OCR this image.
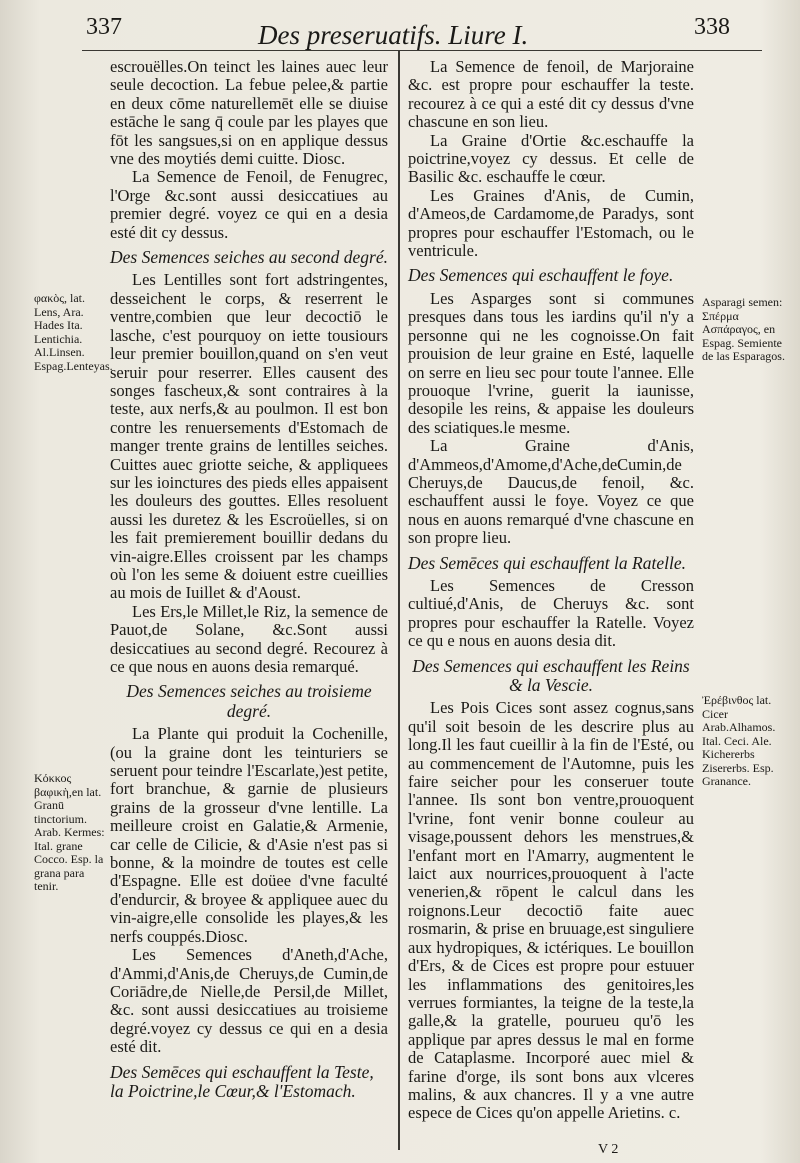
337	Des preseruatifs. Liure I.	338

escrouëlles.On teinct les laines auec leur seule decoction. La febue pelee,& partie en deux cōme naturellemēt elle se diuise estāche le sang q̄ coule par les playes que fōt les sangsues,si on en applique dessus vne des moytiés demi cuitte. Diosc.

La Semence de Fenoil, de Fenugrec, l'Orge &c.sont aussi desiccatiues au premier degré. voyez ce qui en a desia esté dit cy dessus.

Des Semences seiches au second degré.

Les Lentilles sont fort adstringentes, desseichent le corps, & reserrent le ventre,combien que leur decoctiō le lasche, c'est pourquoy on iette tousiours leur premier bouillon,quand on s'en veut seruir pour reserrer. Elles causent des songes fascheux,& sont contraires à la teste, aux nerfs,& au poulmon. Il est bon contre les renuersements d'Estomach de manger trente grains de lentilles seiches. Cuittes auec griotte seiche, & appliquees sur les ioinctures des pieds elles appaisent les douleurs des gouttes. Elles resoluent aussi les duretez & les Escroüelles, si on les fait premierement bouillir dedans du vin-aigre.Elles croissent par les champs où l'on les seme & doiuent estre cueillies au mois de Iuillet & d'Aoust.

Les Ers,le Millet,le Riz, la semence de Pauot,de Solane, &c.Sont aussi desiccatiues au second degré. Recourez à ce que nous en auons desia remarqué.

Des Semences seiches au troisieme degré.

La Plante qui produit la Cochenille, (ou la graine dont les teinturiers se seruent pour teindre l'Escarlate,)est petite, fort branchue, & garnie de plusieurs grains de la grosseur d'vne lentille. La meilleure croist en Galatie,& Armenie, car celle de Cilicie, & d'Asie n'est pas si bonne, & la moindre de toutes est celle d'Espagne. Elle est doüee d'vne faculté d'endurcir, & broyee & appliquee auec du vin-aigre,elle consolide les playes,& les nerfs couppés.Diosc.

Les Semences d'Aneth,d'Ache, d'Ammi,d'Anis,de Cheruys,de Cumin,de Coriādre,de Nielle,de Persil,de Millet, &c. sont aussi desiccatiues au troisieme degré.voyez cy dessus ce qui en a desia esté dit.

Des Semēces qui eschauffent la Teste, la Poictrine,le Cœur,& l'Estomach.

La Semence de fenoil, de Marjoraine &c. est propre pour eschauffer la teste. recourez à ce qui a esté dit cy dessus d'vne chascune en son lieu.

La Graine d'Ortie &c.eschauffe la poictrine,voyez cy dessus. Et celle de Basilic &c. eschauffe le cœur.

Les Graines d'Anis, de Cumin, d'Ameos,de Cardamome,de Paradys, sont propres pour eschauffer l'Estomach, ou le ventricule.

Des Semences qui eschauffent le foye.

Les Asparges sont si communes presques dans tous les iardins qu'il n'y a personne qui ne les cognoisse.On fait prouision de leur graine en Esté, laquelle on serre en lieu sec pour toute l'annee. Elle prouoque l'vrine, guerit la iaunisse, desopile les reins, & appaise les douleurs des sciatiques.le mesme.

La Graine d'Anis, d'Ammeos,d'Amome,d'Ache,deCumin,de Cheruys,de Daucus,de fenoil, &c. eschauffent aussi le foye. Voyez ce que nous en auons remarqué d'vne chascune en son propre lieu.

Des Semēces qui eschauffent la Ratelle.

Les Semences de Cresson cultiué,d'Anis, de Cheruys &c. sont propres pour eschauffer la Ratelle. Voyez ce qu e nous en auons desia dit.

Des Semences qui eschauffent les Reins & la Vescie.

Les Pois Cices sont assez cognus,sans qu'il soit besoin de les descrire plus au long.Il les faut cueillir à la fin de l'Esté, ou au commencement de l'Automne, puis les faire seicher pour les conseruer toute l'annee. Ils sont bon ventre,prouoquent l'vrine, font venir bonne couleur au visage,poussent dehors les menstrues,& l'enfant mort en l'Amarry, augmentent le laict aux nourrices,prouoquent à l'acte venerien,& rōpent le calcul dans les roignons.Leur decoctiō faite auec rosmarin, & prise en bruuage,est singuliere aux hydropiques, & ictériques. Le bouillon d'Ers, & de Cices est propre pour estuuer les inflammations des genitoires,les verrues formiantes, la teigne de la teste,la galle,& la gratelle, pourueu qu'ō les applique par apres dessus le mal en forme de Cataplasme. Incorporé auec miel & farine d'orge, ils sont bons aux vlceres malins, & aux chancres. Il y a vne autre espece de Cices qu'on appelle Arietins. c.

φακὸς, lat. Lens, Ara. Hades Ita. Lentichia. Al.Linsen. Espag.Lenteyas.
Κόκκος βαφικὴ,en lat. Granū tinctorium. Arab. Kermes: Ital. grane Cocco. Esp. la grana para tenir.
Asparagi semen: Σπέρμα Ασπάραγος, en Espag. Semiente de las Esparagos.
Ἐρέβινθος lat. Cicer Arab.Alhamos. Ital. Ceci. Ale. Kichererbs Zisererbs. Esp. Granance.
V 2
